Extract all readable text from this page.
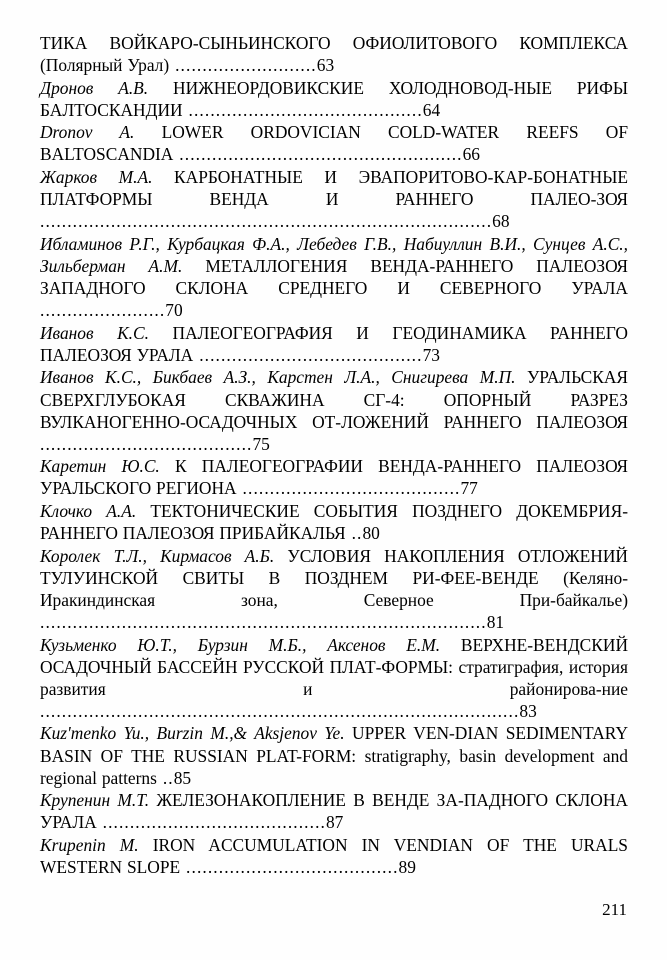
ТИКА ВОЙКАРО-СЫНЬИНСКОГО ОФИОЛИТОВОГО КОМПЛЕКСА (Полярный Урал) ..........................63

Дронов А.В. НИЖНЕОРДОВИКСКИЕ ХОЛОДНОВОД-НЫЕ РИФЫ БАЛТОСКАНДИИ ...........................................64

Dronov A. LOWER ORDOVICIAN COLD-WATER REEFS OF BALTOSCANDIA ....................................................66

Жарков М.А. КАРБОНАТНЫЕ И ЭВАПОРИТОВО-КАР-БОНАТНЫЕ ПЛАТФОРМЫ ВЕНДА И РАННЕГО ПАЛЕО-ЗОЯ ...................................................................................68

Ибламинов Р.Г., Курбацкая Ф.А., Лебедев Г.В., Набиуллин В.И., Сунцев А.С., Зильберман А.М. МЕТАЛЛОГЕНИЯ ВЕНДА-РАННЕГО ПАЛЕОЗОЯ ЗАПАДНОГО СКЛОНА СРЕДНЕГО И СЕВЕРНОГО УРАЛА .......................70

Иванов К.С. ПАЛЕОГЕОГРАФИЯ И ГЕОДИНАМИКА РАННЕГО ПАЛЕОЗОЯ УРАЛА .........................................73

Иванов К.С., Бикбаев А.З., Карстен Л.А., Снигирева М.П. УРАЛЬСКАЯ СВЕРХГЛУБОКАЯ СКВАЖИНА СГ-4: ОПОРНЫЙ РАЗРЕЗ ВУЛКАНОГЕННО-ОСАДОЧНЫХ ОТ-ЛОЖЕНИЙ РАННЕГО ПАЛЕОЗОЯ .......................................75

Каретин Ю.С. К ПАЛЕОГЕОГРАФИИ ВЕНДА-РАННЕГО ПАЛЕОЗОЯ УРАЛЬСКОГО РЕГИОНА ........................................77

Клочко А.А. ТЕКТОНИЧЕСКИЕ СОБЫТИЯ ПОЗДНЕГО ДОКЕМБРИЯ-РАННЕГО ПАЛЕОЗОЯ ПРИБАЙКАЛЬЯ ..80

Королек Т.Л., Кирмасов А.Б. УСЛОВИЯ НАКОПЛЕНИЯ ОТЛОЖЕНИЙ ТУЛУИНСКОЙ СВИТЫ В ПОЗДНЕМ РИ-ФЕЕ-ВЕНДЕ (Келяно-Иракиндинская зона, Северное При-байкалье) ..................................................................................81

Кузьменко Ю.Т., Бурзин М.Б., Аксенов Е.М. ВЕРХНЕ-ВЕНДСКИЙ ОСАДОЧНЫЙ БАССЕЙН РУССКОЙ ПЛАТ-ФОРМЫ: стратиграфия, история развития и районирова-ние ........................................................................................83

Kuz'menko Yu., Burzin M.,& Aksjenov Ye. UPPER VEN-DIAN SEDIMENTARY BASIN OF THE RUSSIAN PLAT-FORM: stratigraphy, basin development and regional patterns ..85

Крупенин М.Т. ЖЕЛЕЗОНАКОПЛЕНИЕ В ВЕНДЕ ЗА-ПАДНОГО СКЛОНА УРАЛА .........................................87

Krupenin M. IRON ACCUMULATION IN VENDIAN OF THE URALS WESTERN SLOPE .......................................89

211
